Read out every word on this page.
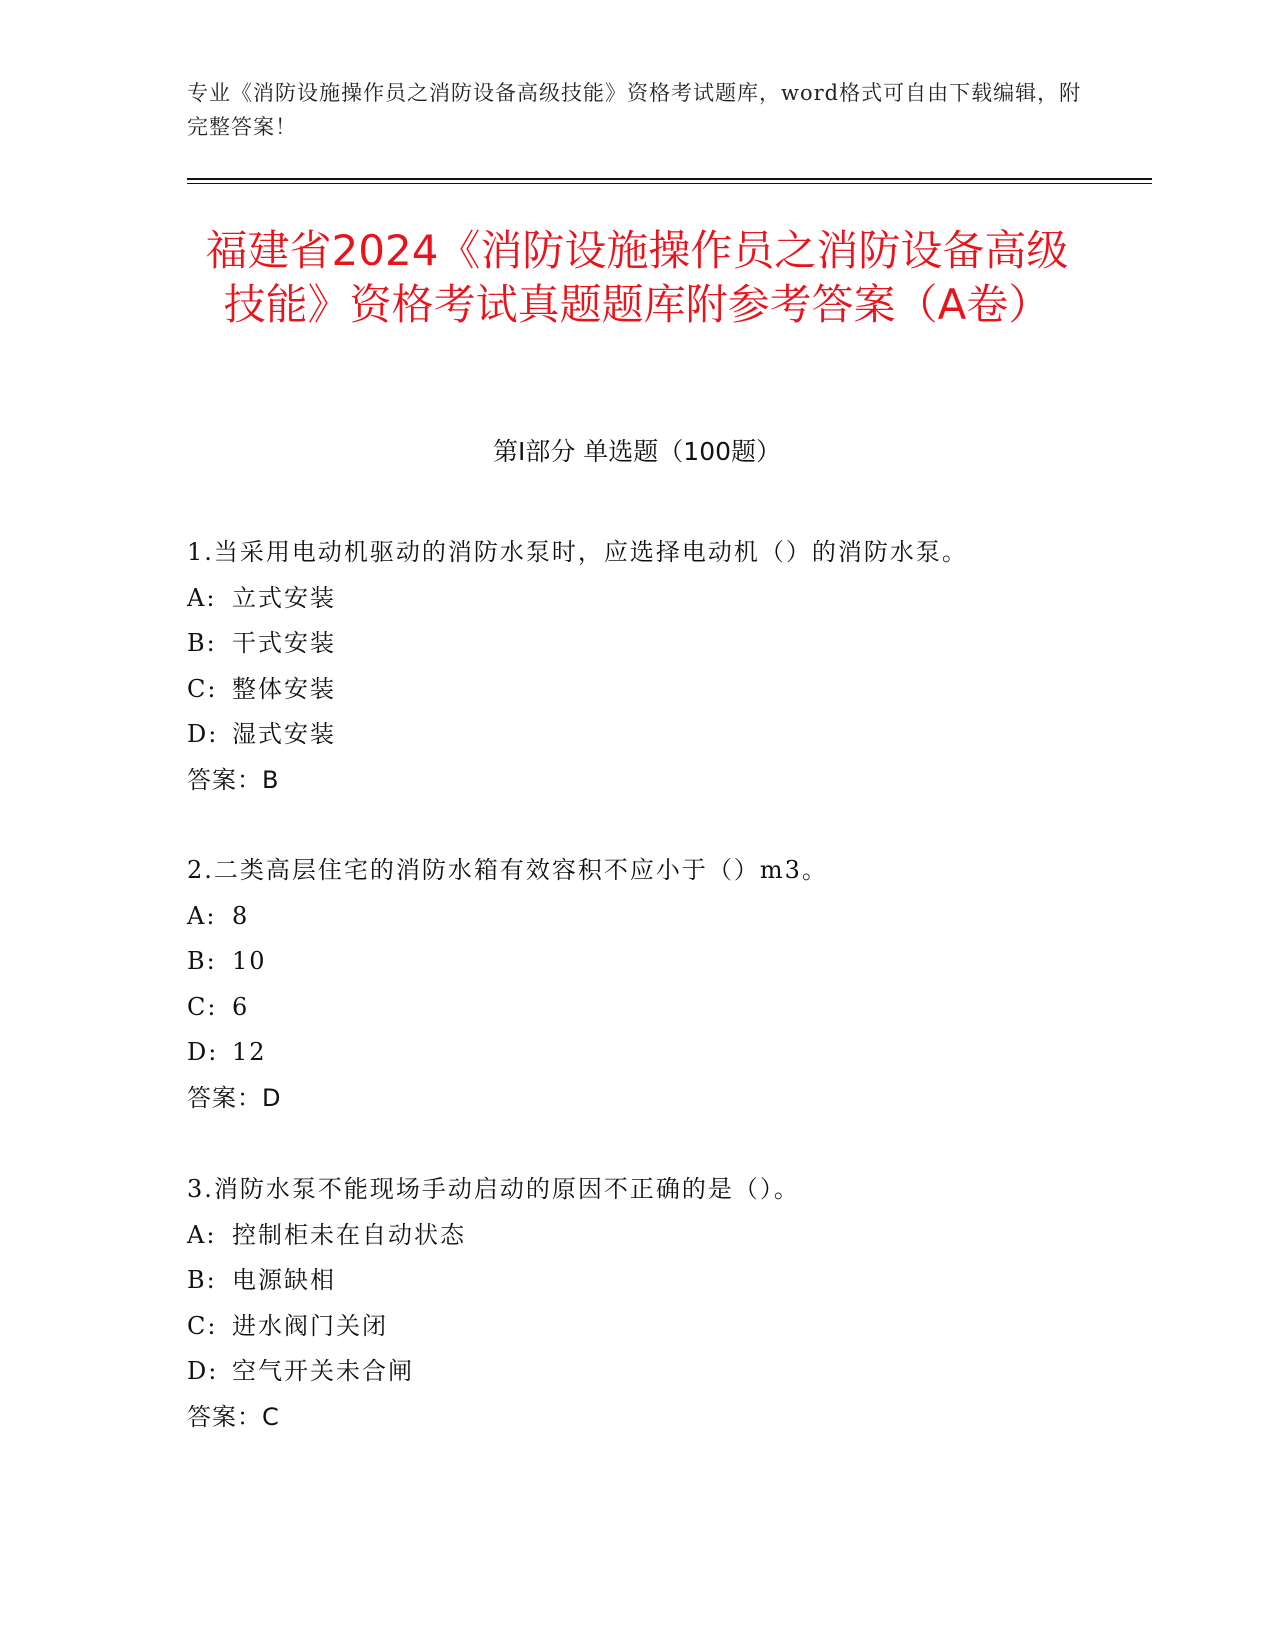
专业《消防设施操作员之消防设备高级技能》资格考试题库，word格式可自由下载编辑，附完整答案！
福建省2024《消防设施操作员之消防设备高级技能》资格考试真题题库附参考答案（A卷）
第I部分 单选题（100题）
1.当采用电动机驱动的消防水泵时，应选择电动机（）的消防水泵。
A: 立式安装
B: 干式安装
C: 整体安装
D: 湿式安装
答案：B
2.二类高层住宅的消防水箱有效容积不应小于（）m3。
A: 8
B: 10
C: 6
D: 12
答案：D
3.消防水泵不能现场手动启动的原因不正确的是（）。
A: 控制柜未在自动状态
B: 电源缺相
C: 进水阀门关闭
D: 空气开关未合闸
答案：C
